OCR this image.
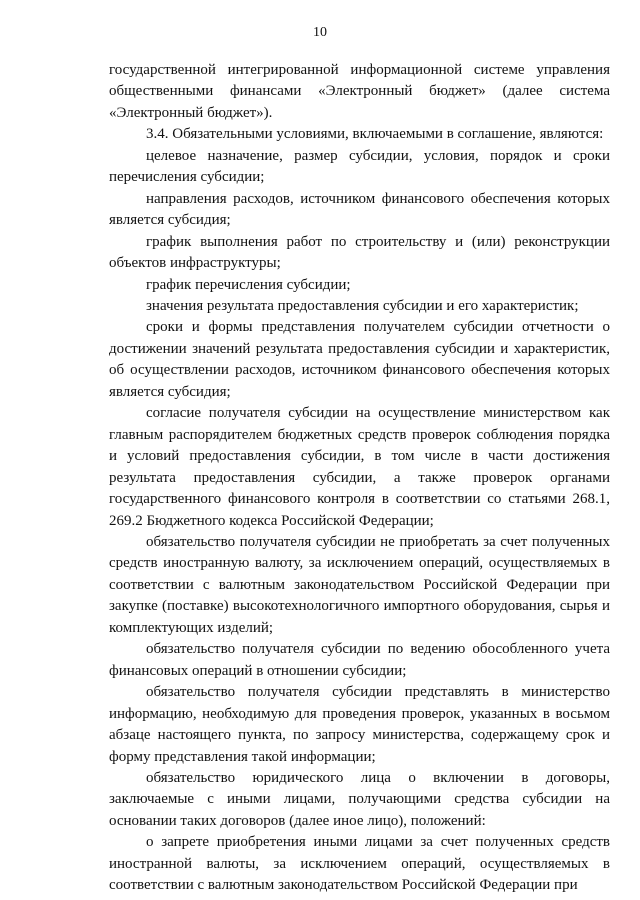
10

государственной интегрированной информационной системе управления общественными финансами «Электронный бюджет» (далее система «Электронный бюджет»).

3.4. Обязательными условиями, включаемыми в соглашение, являются:

целевое назначение, размер субсидии, условия, порядок и сроки перечисления субсидии;

направления расходов, источником финансового обеспечения которых является субсидия;

график выполнения работ по строительству и (или) реконструкции объектов инфраструктуры;

график перечисления субсидии;

значения результата предоставления субсидии и его характеристик;

сроки и формы представления получателем субсидии отчетности о достижении значений результата предоставления субсидии и характеристик, об осуществлении расходов, источником финансового обеспечения которых является субсидия;

согласие получателя субсидии на осуществление министерством как главным распорядителем бюджетных средств проверок соблюдения порядка и условий предоставления субсидии, в том числе в части достижения результата предоставления субсидии, а также проверок органами государственного финансового контроля в соответствии со статьями 268.1, 269.2 Бюджетного кодекса Российской Федерации;

обязательство получателя субсидии не приобретать за счет полученных средств иностранную валюту, за исключением операций, осуществляемых в соответствии с валютным законодательством Российской Федерации при закупке (поставке) высокотехнологичного импортного оборудования, сырья и комплектующих изделий;

обязательство получателя субсидии по ведению обособленного учета финансовых операций в отношении субсидии;

обязательство получателя субсидии представлять в министерство информацию, необходимую для проведения проверок, указанных в восьмом абзаце настоящего пункта, по запросу министерства, содержащему срок и форму представления такой информации;

обязательство юридического лица о включении в договоры, заключаемые с иными лицами, получающими средства субсидии на основании таких договоров (далее иное лицо), положений:

о запрете приобретения иными лицами за счет полученных средств иностранной валюты, за исключением операций, осуществляемых в соответствии с валютным законодательством Российской Федерации при
